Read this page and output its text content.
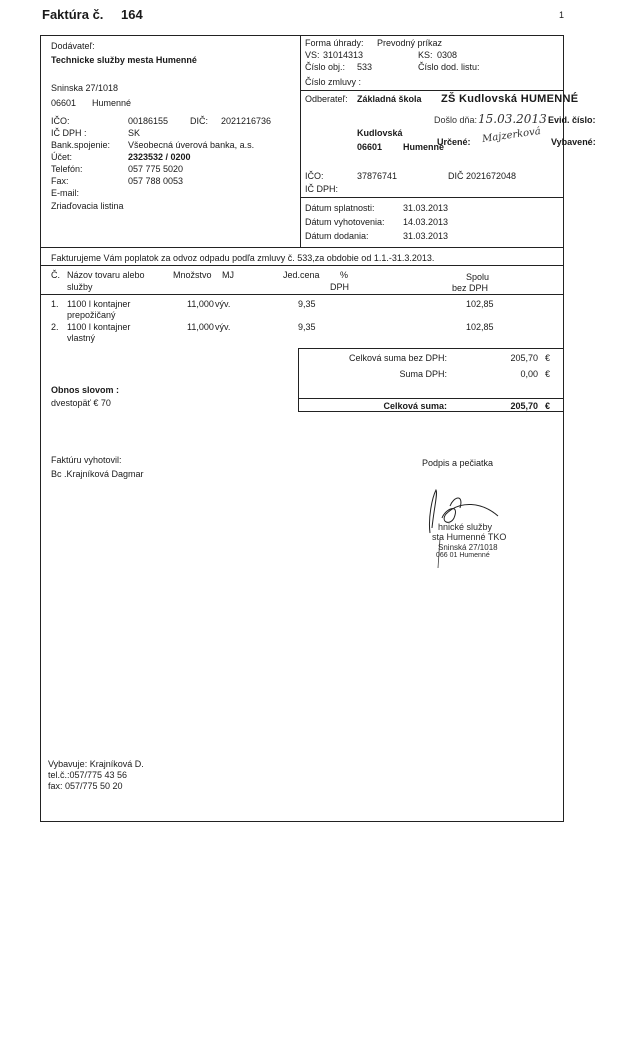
Faktúra č. 164	1
Dodávateľ:
Technicke služby mesta Humenné
Sninska 27/1018
06601 Humenné
IČO:	00186155 DIČ: 2021216736
IČ DPH :	SK
Bank.spojenie: Všeobecná úverová banka, a.s.
Účet:	2323532 / 0200
Telefón:	057 775 5020
Fax:	057 788 0053
E-mail:
Zriaďovacia listina
Forma úhrady: Prevodný príkaz
VS: 31014313	KS: 0308
Číslo obj.: 533	Číslo dod. listu:
Číslo zmluvy :
Odberateľ: Základná škola ZŠ Kudlovská HUMENNÉ
Došlo dňa: 15.03.2013 Evid. číslo:
Kudlovská
06601 Humenné
Určené: Majzerková Vybavené:
IČO:	37876741	DIČ 2021672048
IČ DPH:
Dátum splatnosti:	31.03.2013
Dátum vyhotovenia: 14.03.2013
Dátum dodania:	31.03.2013
Fakturujeme Vám poplatok za odvoz odpadu podľa zmluvy č. 533,za obdobie od 1.1.-31.3.2013.
Č. Názov tovaru alebo
služby
Množstvo MJ	Jed.cena %
DPH
Spolu
bez DPH
1. 1100 l kontajner
prepožičaný
11,000 výv.	9,35	102,85
2. 1100 l kontajner
vlastný
11,000 výv.	9,35	102,85
Celková suma bez DPH:	205,70 €
Suma DPH:	0,00 €
Celková suma:	205,70 €
Obnos slovom :
dvestopäť € 70
Faktúru vyhotovil:
Bc .Krajníková Dagmar
Podpis a pečiatka
hnické služby
sta Humenné TKO
Sninská 27/1018
066 01 Humenné
Vybavuje: Krajníková D.
tel.č.:057/775 43 56
fax: 057/775 50 20
